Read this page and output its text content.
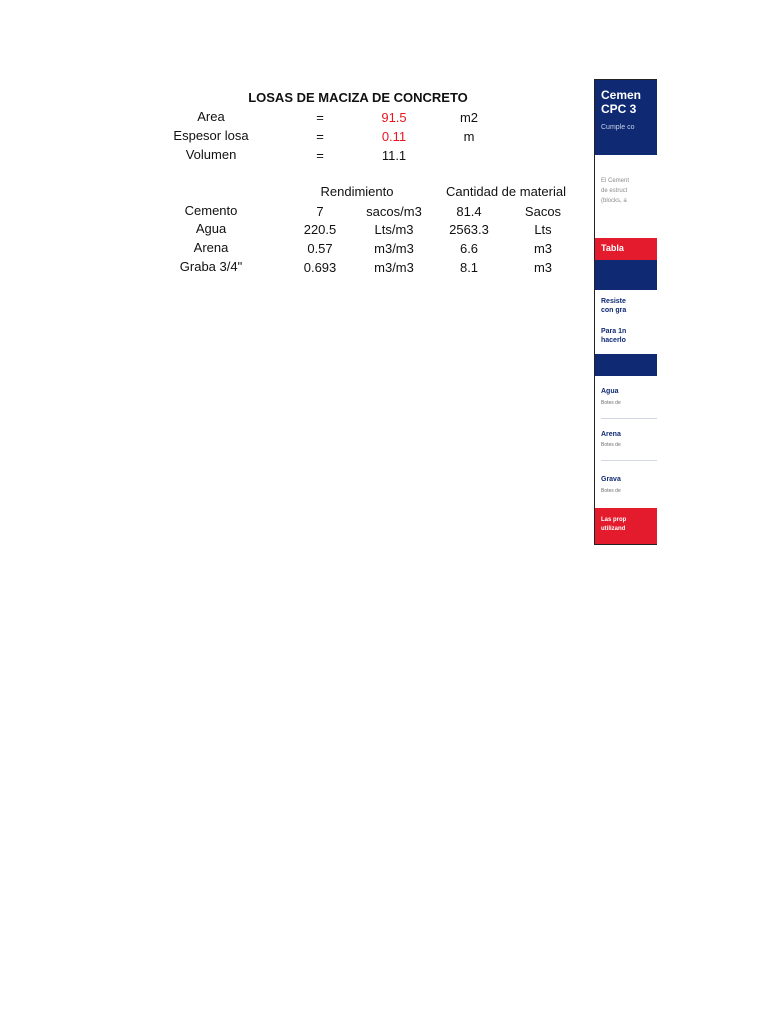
LOSAS DE MACIZA DE CONCRETO
Area	=	91.5	m2
Espesor losa	=	0.11	m
Volumen	=	11.1
Rendimiento	Cantidad de material
Cemento	7	sacos/m3	81.4	Sacos
Agua	220.5	Lts/m3	2563.3	Lts
Arena	0.57	m3/m3	6.6	m3
Graba 3/4"	0.693	m3/m3	8.1	m3
Cemen
CPC 3
Cumple co
El Cement
de estruct
(blocks, a
Tabla
Resiste
con gra
Para 1n
hacerlo
Agua
Botes de
Arena
Botes de
Grava
Botes de
Las prop
utilizand
